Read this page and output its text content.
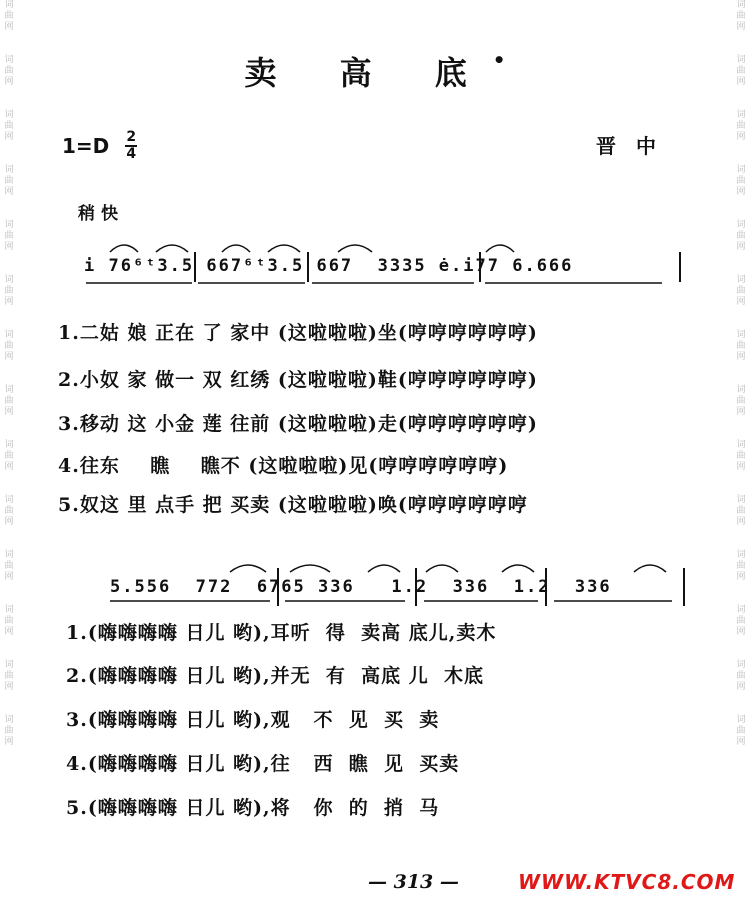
词
曲
网
词
曲
网
词
曲
网
词
曲
网
词
曲
网
词
曲
网
词
曲
网
词
曲
网
词
曲
网
词
曲
网
词
曲
网
词
曲
网
词
曲
网
词
曲
网
词
曲
网
词
曲
网
词
曲
网
词
曲
网
词
曲
网
词
曲
网
词
曲
网
词
曲
网
词
曲
网
词
曲
网
词
曲
网
词
曲
网
词
曲
网
词
曲
网
卖 高 底•
$1=D \frac{2}{4}$	晋中
稍快
i 76⁶ᵗ3.5 667⁶ᵗ3.5 667  3335 ė.i77 6.666
1.二姑 娘 正在 了 家中 (这啦啦啦)坐(哼哼哼哼哼哼)
2.小奴 家 做一 双 红绣 (这啦啦啦)鞋(哼哼哼哼哼哼)
3.移动 这 小金 莲 往前 (这啦啦啦)走(哼哼哼哼哼哼)
4.往东    瞧    瞧不 (这啦啦啦)见(哼哼哼哼哼哼)
5.奴这 里 点手 把 买卖 (这啦啦啦)唤(哼哼哼哼哼哼
5.556  772  6765 336   1.2  336  1.2  336
1.(嗨嗨嗨嗨 日儿 哟),耳听  得  卖高 底儿,卖木
2.(嗨嗨嗨嗨 日儿 哟),并无  有  高底 儿  木底
3.(嗨嗨嗨嗨 日儿 哟),观   不  见  买  卖
4.(嗨嗨嗨嗨 日儿 哟),往   西  瞧  见  买卖
5.(嗨嗨嗨嗨 日儿 哟),将   你  的  捎  马
— 313 —	WWW.KTVC8.COM
